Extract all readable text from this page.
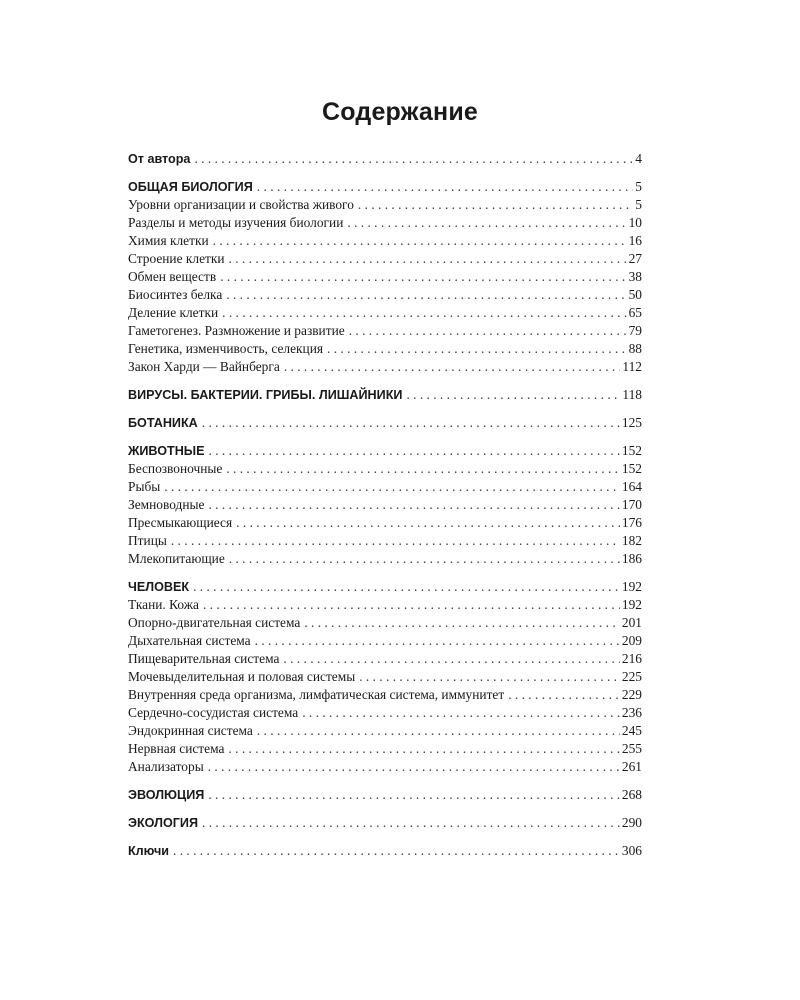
Содержание
От автора . . .	4
ОБЩАЯ БИОЛОГИЯ . . .	5
Уровни организации и свойства живого . . .	5
Разделы и методы изучения биологии . . .	10
Химия клетки . . .	16
Строение клетки . . .	27
Обмен веществ . . .	38
Биосинтез белка . . .	50
Деление клетки . . .	65
Гаметогенез. Размножение и развитие . . .	79
Генетика, изменчивость, селекция . . .	88
Закон Харди — Вайнберга . . .	112
ВИРУСЫ. БАКТЕРИИ. ГРИБЫ. ЛИШАЙНИКИ . . .	118
БОТАНИКА . . .	125
ЖИВОТНЫЕ . . .	152
Беспозвоночные . . .	152
Рыбы . . .	164
Земноводные . . .	170
Пресмыкающиеся . . .	176
Птицы . . .	182
Млекопитающие . . .	186
ЧЕЛОВЕК . . .	192
Ткани. Кожа . . .	192
Опорно-двигательная система . . .	201
Дыхательная система . . .	209
Пищеварительная система . . .	216
Мочевыделительная и половая системы . . .	225
Внутренняя среда организма, лимфатическая система, иммунитет . . .	229
Сердечно-сосудистая система . . .	236
Эндокринная система . . .	245
Нервная система . . .	255
Анализаторы . . .	261
ЭВОЛЮЦИЯ . . .	268
ЭКОЛОГИЯ . . .	290
Ключи . . .	306
